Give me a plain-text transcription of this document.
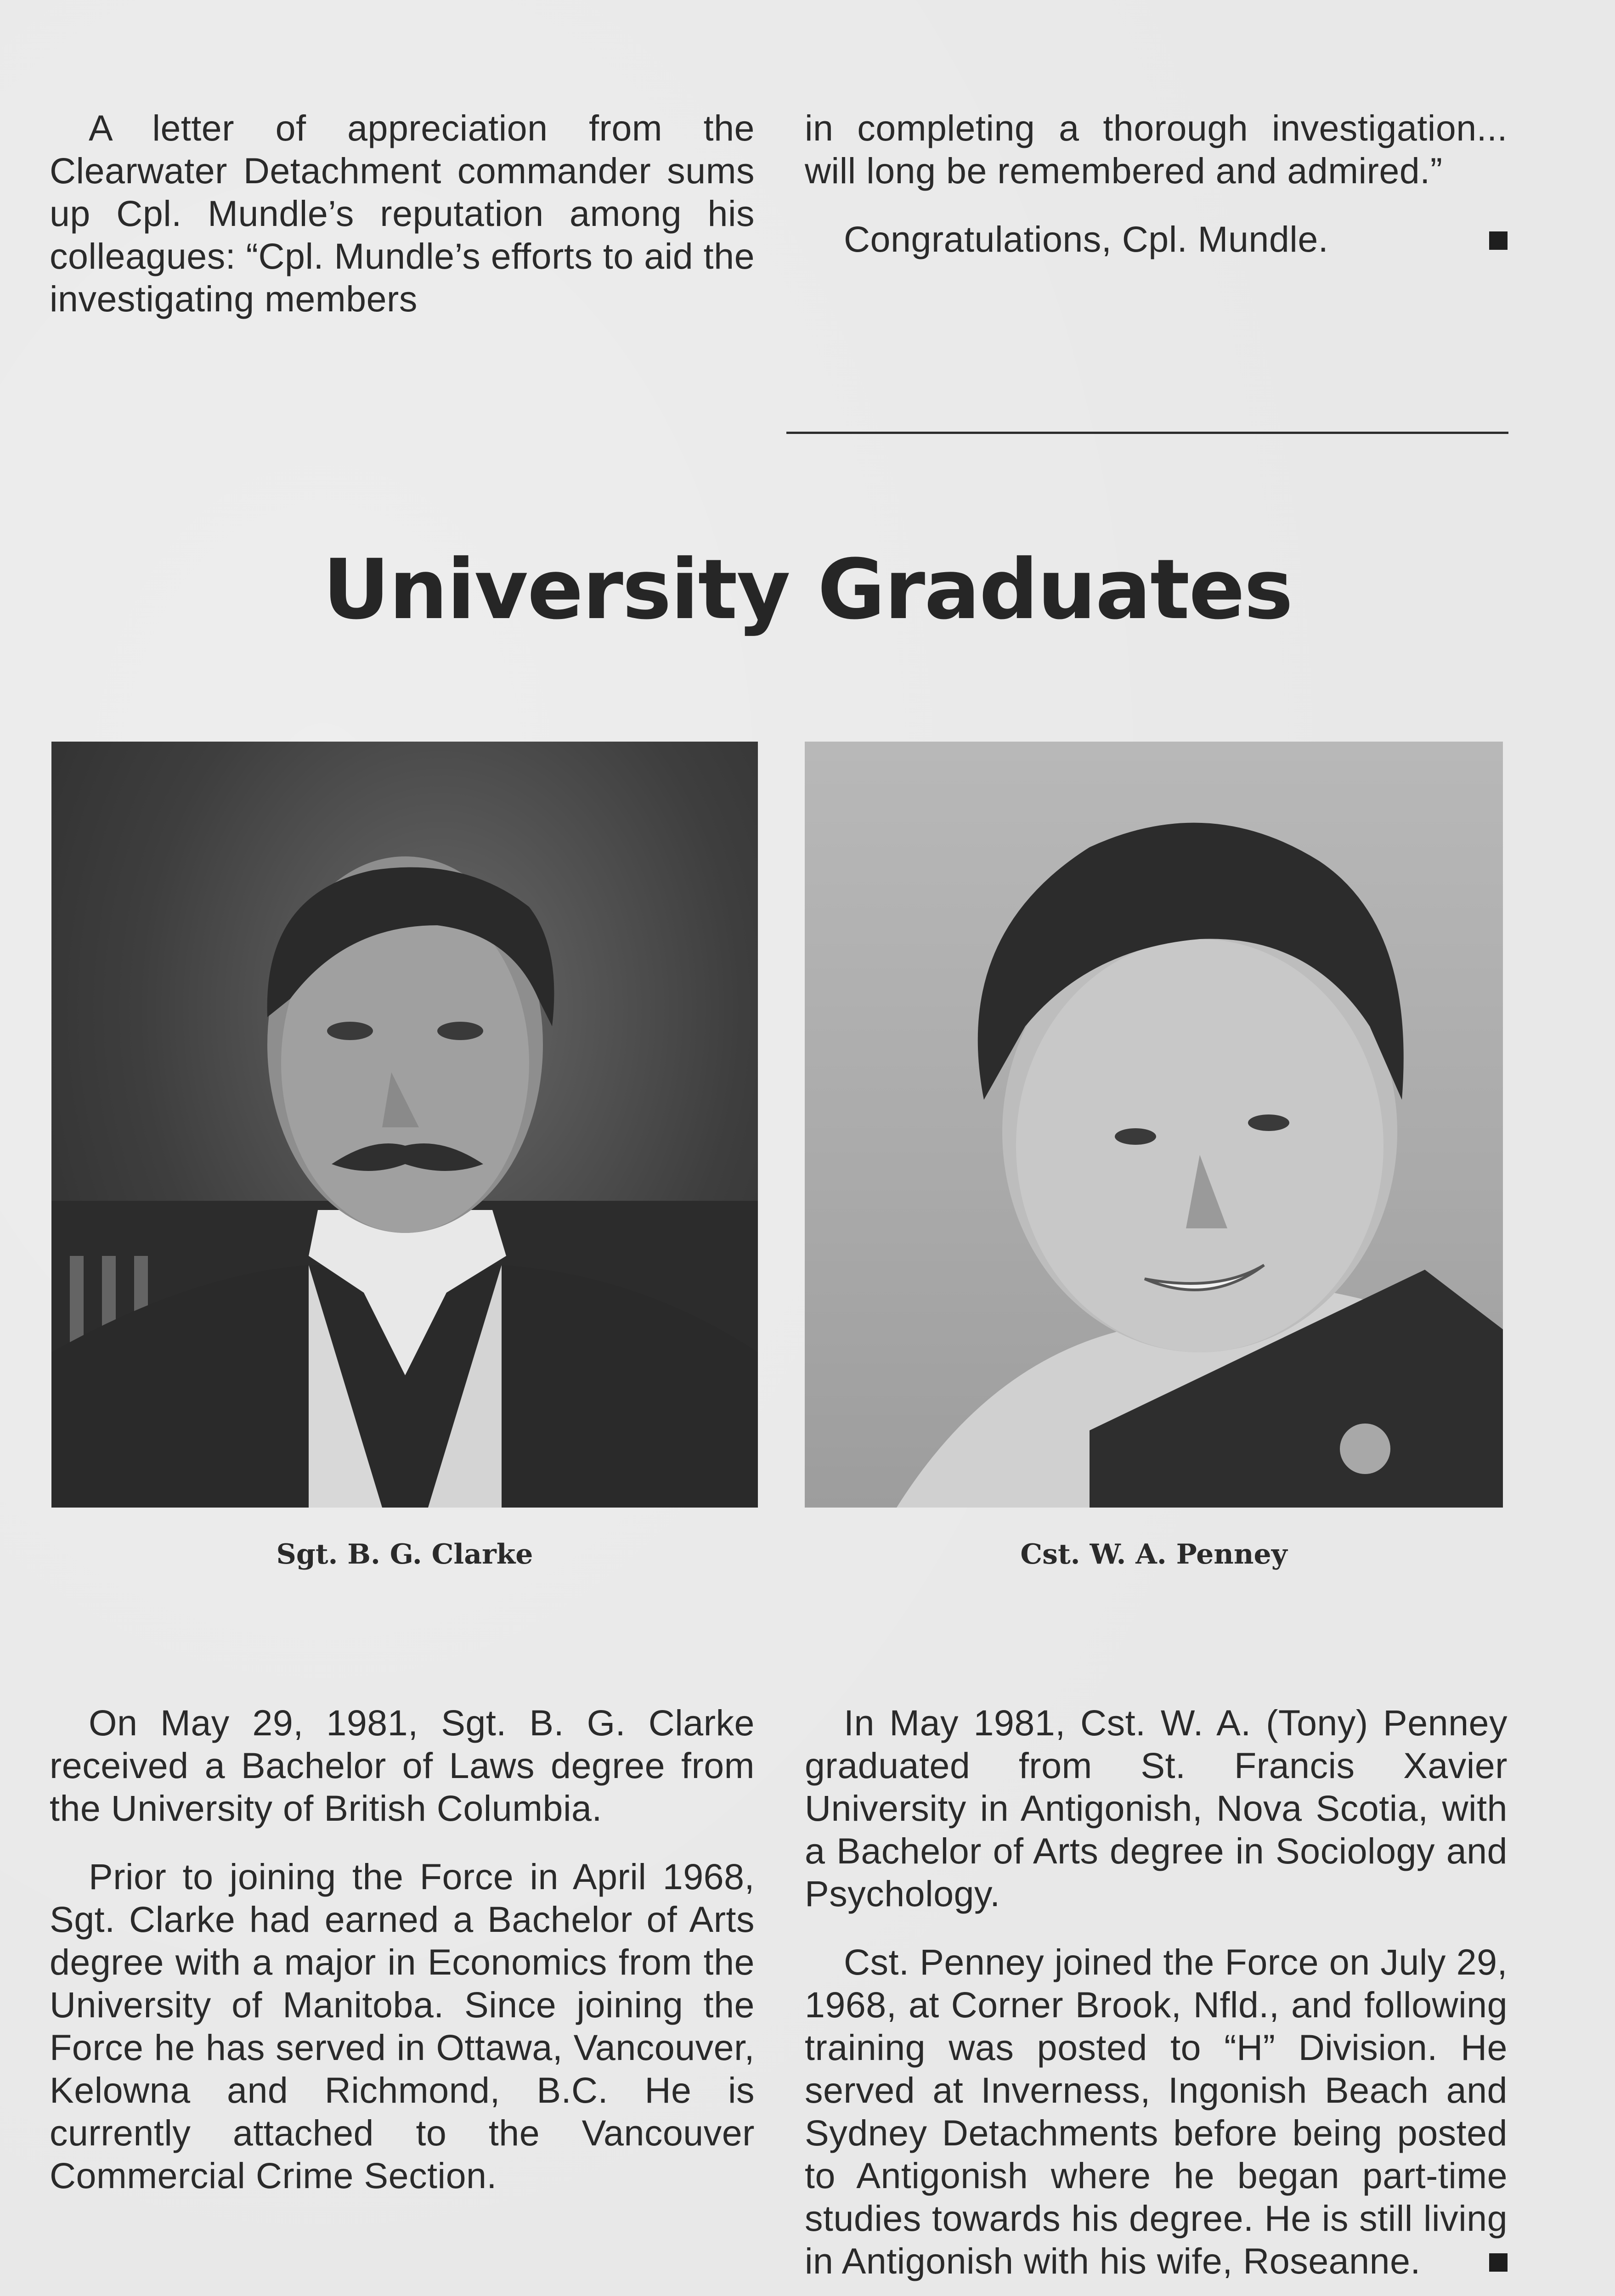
A letter of appreciation from the Clearwater Detachment commander sums up Cpl. Mundle’s reputation among his colleagues: “Cpl. Mundle’s efforts to aid the investigating members

in completing a thorough investigation... will long be remembered and admired.”

Congratulations, Cpl. Mundle.

University Graduates
Sgt. B. G. Clarke	Cst. W. A. Penney

On May 29, 1981, Sgt. B. G. Clarke received a Bachelor of Laws degree from the University of British Columbia.

Prior to joining the Force in April 1968, Sgt. Clarke had earned a Bachelor of Arts degree with a major in Economics from the University of Manitoba. Since joining the Force he has served in Ottawa, Vancouver, Kelowna and Richmond, B.C. He is currently attached to the Vancouver Commercial Crime Section.

In May 1981, Cst. W. A. (Tony) Penney graduated from St. Francis Xavier University in Antigonish, Nova Scotia, with a Bachelor of Arts degree in Sociology and Psychology.

Cst. Penney joined the Force on July 29, 1968, at Corner Brook, Nfld., and following training was posted to “H” Division. He served at Inverness, Ingonish Beach and Sydney Detachments before being posted to Antigonish where he began part-time studies towards his degree. He is still living in Antigonish with his wife, Roseanne.
